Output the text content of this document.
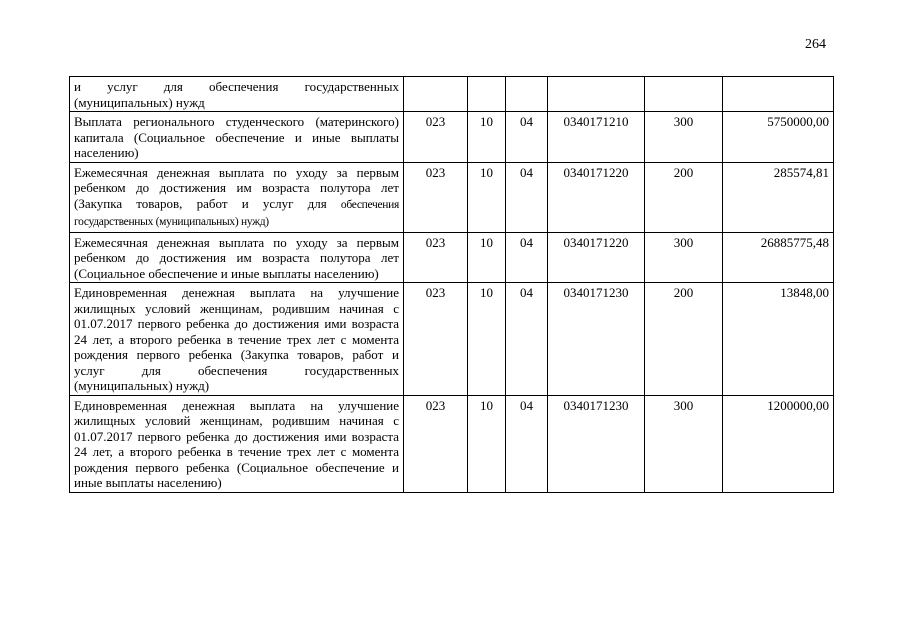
264
и услуг для обеспечения государственных (муниципальных) нужд						
Выплата регионального студенческого (материнского) капитала (Социальное обеспечение и иные выплаты населению)	023	10	04	0340171210	300	5750000,00
Ежемесячная денежная выплата по уходу за первым ребенком до достижения им возраста полутора лет (Закупка товаров, работ и услуг для обеспечения государственных (муниципальных) нужд)	023	10	04	0340171220	200	285574,81
Ежемесячная денежная выплата по уходу за первым ребенком до достижения им возраста полутора лет (Социальное обеспечение и иные выплаты населению)	023	10	04	0340171220	300	26885775,48
Единовременная денежная выплата на улучшение жилищных условий женщинам, родившим начиная с 01.07.2017 первого ребенка до достижения ими возраста 24 лет, а второго ребенка в течение трех лет с момента рождения первого ребенка (Закупка товаров, работ и услуг для обеспечения государственных (муниципальных) нужд)	023	10	04	0340171230	200	13848,00
Единовременная денежная выплата на улучшение жилищных условий женщинам, родившим начиная с 01.07.2017 первого ребенка до достижения ими возраста 24 лет, а второго ребенка в течение трех лет с момента рождения первого ребенка (Социальное обеспечение и иные выплаты населению)	023	10	04	0340171230	300	1200000,00
